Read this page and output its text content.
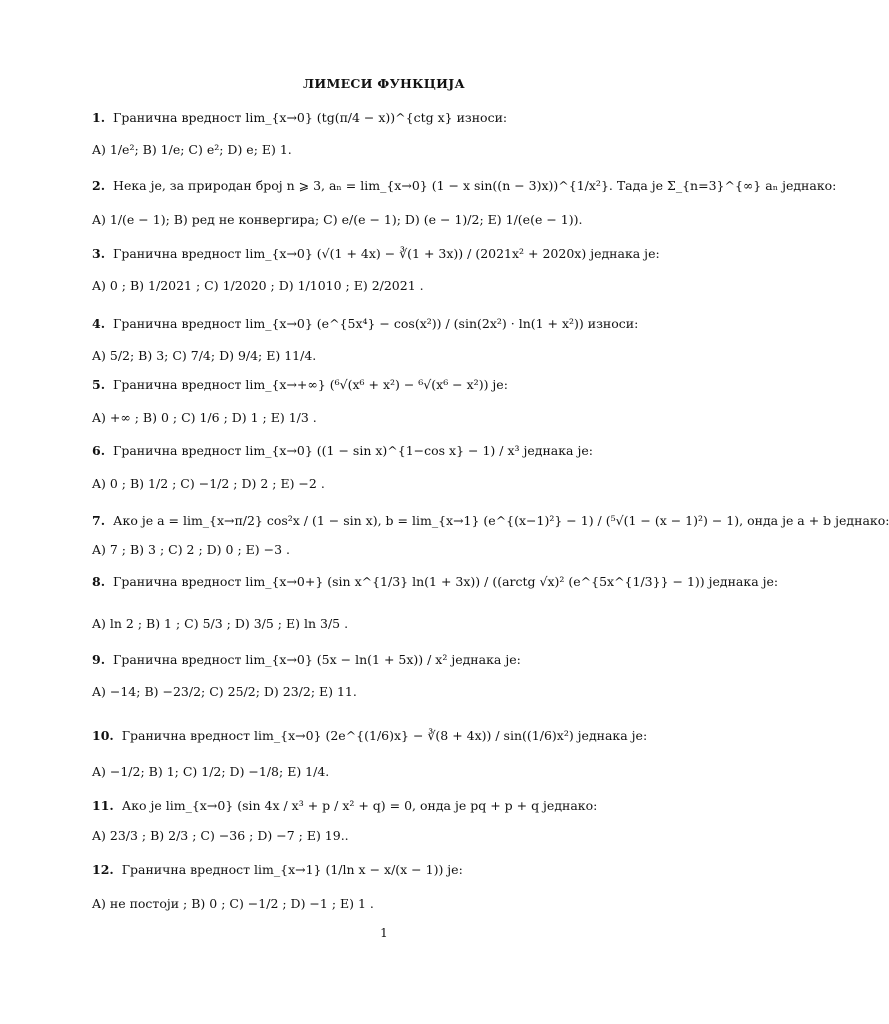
ЛИМЕСИ ФУНКЦИЈА
1. Гранична вредност lim_{x→0} (tg(π/4 − x))^{ctg x} износи:
A) 1/e²; B) 1/e; C) e²; D) e; E) 1.
2. Нека је, за природан број n ⩾ 3, aₙ = lim_{x→0} (1 − x sin((n − 3)x))^{1/x²}. Тада је Σ_{n=3}^{∞} aₙ једнако:
A) 1/(e − 1); B) ред не конвергира; C) e/(e − 1); D) (e − 1)/2; E) 1/(e(e − 1)).
3. Гранична вредност lim_{x→0} (√(1 + 4x) − ∛(1 + 3x)) / (2021x² + 2020x) једнака је:
A) 0 ; B) 1/2021 ; C) 1/2020 ; D) 1/1010 ; E) 2/2021 .
4. Гранична вредност lim_{x→0} (e^{5x⁴} − cos(x²)) / (sin(2x²) · ln(1 + x²)) износи:
A) 5/2; B) 3; C) 7/4; D) 9/4; E) 11/4.
5. Гранична вредност lim_{x→+∞} (⁶√(x⁶ + x²) − ⁶√(x⁶ − x²)) је:
A) +∞ ; B) 0 ; C) 1/6 ; D) 1 ; E) 1/3 .
6. Гранична вредност lim_{x→0} ((1 − sin x)^{1−cos x} − 1) / x³ једнака је:
A) 0 ; B) 1/2 ; C) −1/2 ; D) 2 ; E) −2 .
7. Ако је a = lim_{x→π/2} cos²x / (1 − sin x), b = lim_{x→1} (e^{(x−1)²} − 1) / (⁵√(1 − (x − 1)²) − 1), онда је a + b једнако:
A) 7 ; B) 3 ; C) 2 ; D) 0 ; E) −3 .
8. Гранична вредност lim_{x→0+} (sin x^{1/3} ln(1 + 3x)) / ((arctg √x)² (e^{5x^{1/3}} − 1)) једнака је:
A) ln 2 ; B) 1 ; C) 5/3 ; D) 3/5 ; E) ln 3/5 .
9. Гранична вредност lim_{x→0} (5x − ln(1 + 5x)) / x² једнака је:
A) −14; B) −23/2; C) 25/2; D) 23/2; E) 11.
10. Гранична вредност lim_{x→0} (2e^{(1/6)x} − ∛(8 + 4x)) / sin((1/6)x²) једнака је:
A) −1/2; B) 1; C) 1/2; D) −1/8; E) 1/4.
11. Ако је lim_{x→0} (sin 4x / x³ + p / x² + q) = 0, онда је pq + p + q једнако:
A) 23/3 ; B) 2/3 ; C) −36 ; D) −7 ; E) 19..
12. Гранична вредност lim_{x→1} (1/ln x − x/(x − 1)) је:
A) не постоји ; B) 0 ; C) −1/2 ; D) −1 ; E) 1 .
1
